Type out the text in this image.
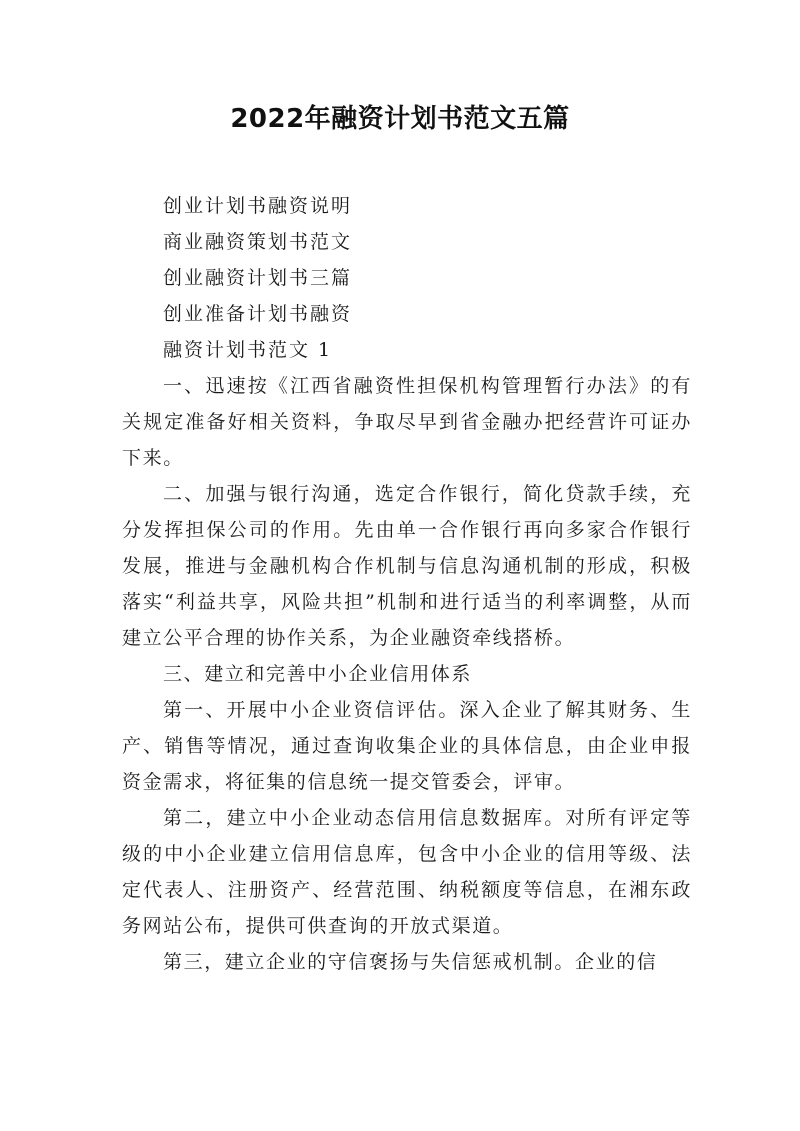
2022年融资计划书范文五篇
创业计划书融资说明
商业融资策划书范文
创业融资计划书三篇
创业准备计划书融资
融资计划书范文 1

一、迅速按《江西省融资性担保机构管理暂行办法》的有关规定准备好相关资料，争取尽早到省金融办把经营许可证办下来。

二、加强与银行沟通，选定合作银行，简化贷款手续，充分发挥担保公司的作用。先由单一合作银行再向多家合作银行发展，推进与金融机构合作机制与信息沟通机制的形成，积极落实“利益共享，风险共担”机制和进行适当的利率调整，从而建立公平合理的协作关系，为企业融资牵线搭桥。

三、建立和完善中小企业信用体系

第一、开展中小企业资信评估。深入企业了解其财务、生产、销售等情况，通过查询收集企业的具体信息，由企业申报资金需求，将征集的信息统一提交管委会，评审。

第二，建立中小企业动态信用信息数据库。对所有评定等级的中小企业建立信用信息库，包含中小企业的信用等级、法定代表人、注册资产、经营范围、纳税额度等信息，在湘东政务网站公布，提供可供查询的开放式渠道。

第三，建立企业的守信褒扬与失信惩戒机制。企业的信
